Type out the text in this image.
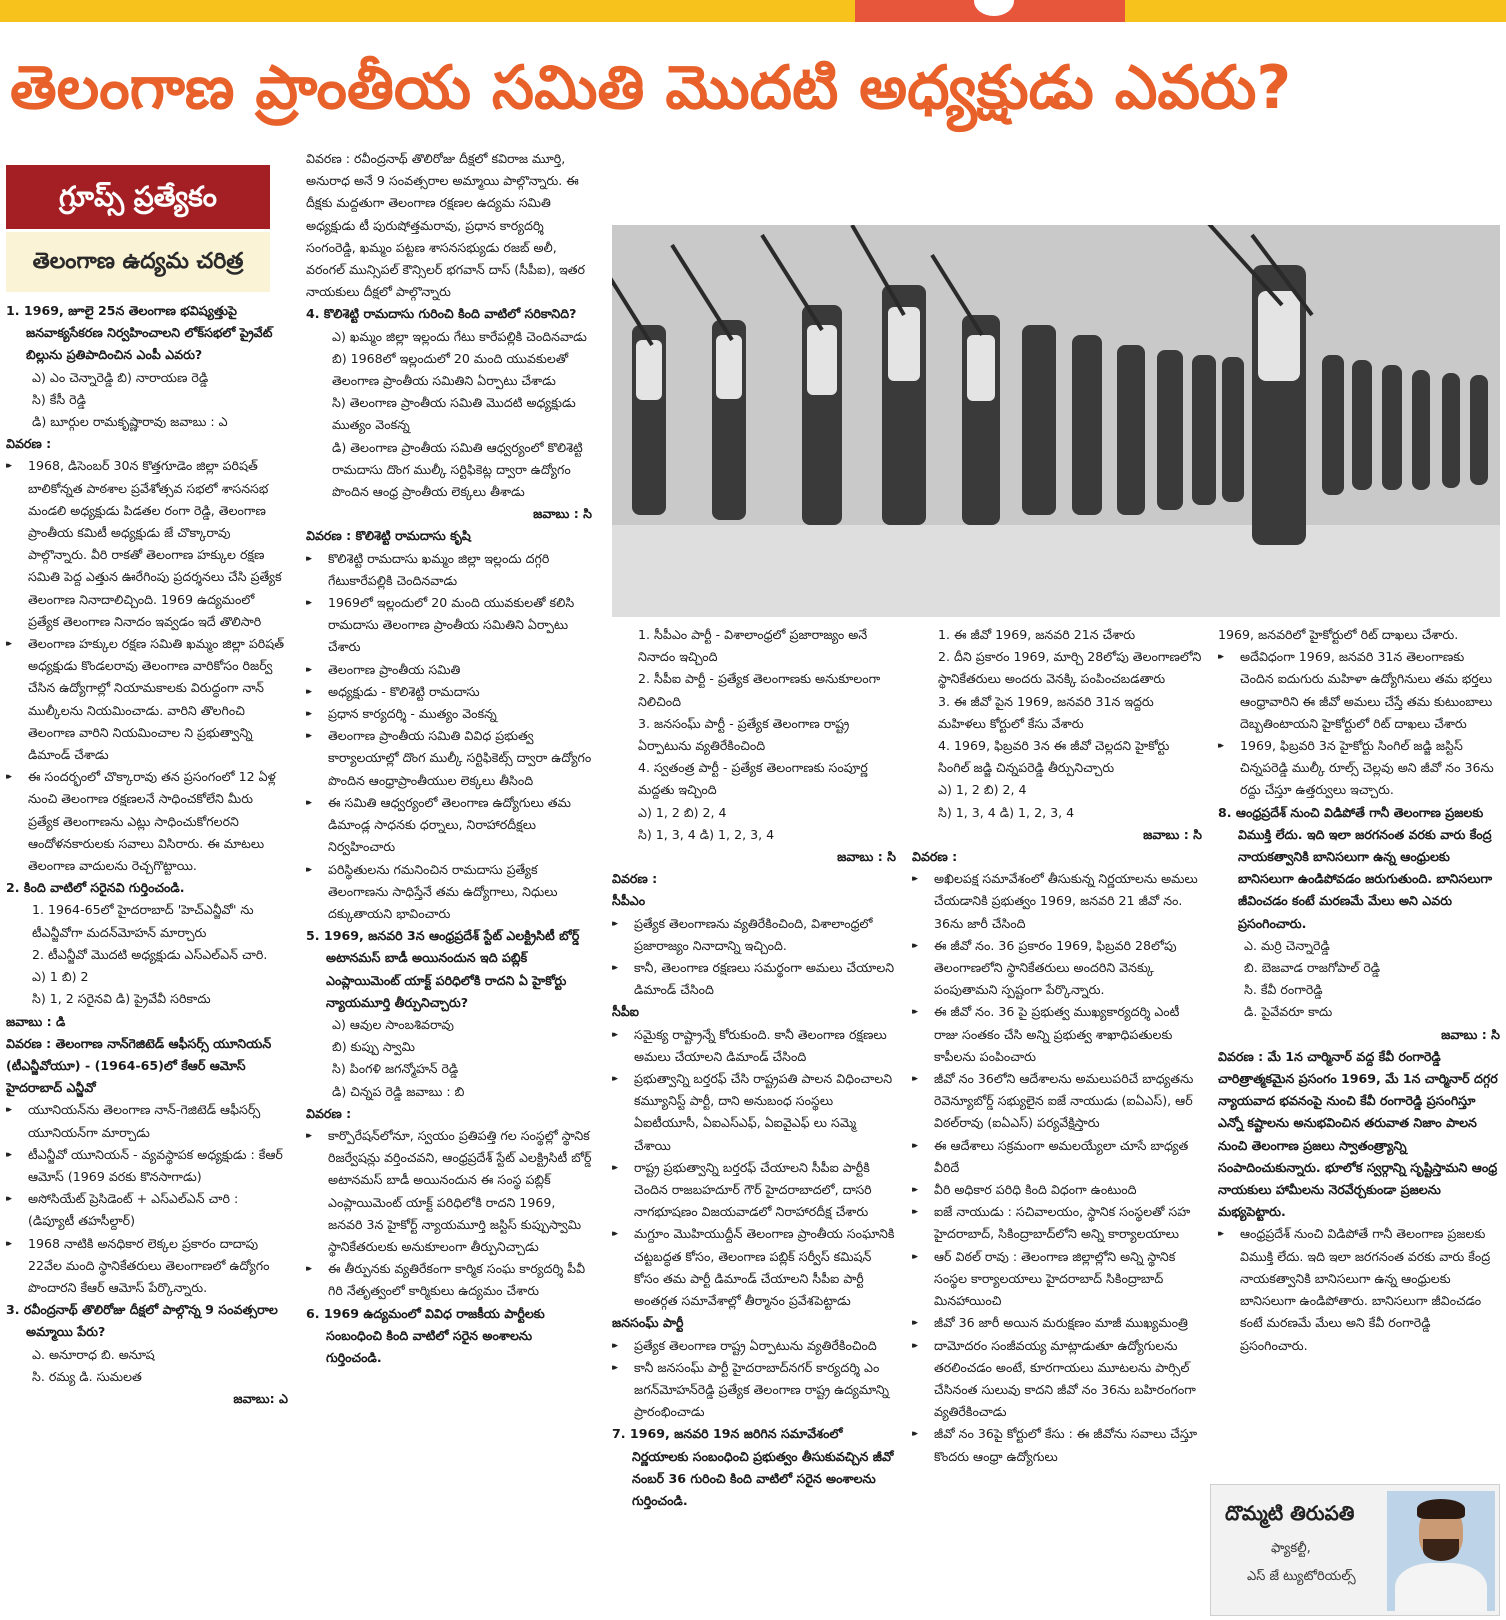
తెలంగాణ ప్రాంతీయ సమితి మొదటి అధ్యక్షుడు ఎవరు?
గ్రూప్స్ ప్రత్యేకం
తెలంగాణ ఉద్యమ చరిత్ర

1. 1969, జూలై 25న తెలంగాణ భవిష్యత్తుపై జనవాక్యసేకరణ నిర్వహించాలని లోక్‌సభలో ప్రైవేట్ బిల్లును ప్రతిపాదించిన ఎంపీ ఎవరు?

ఎ) ఎం చెన్నారెడ్డి బి) నారాయణ రెడ్డి

సి) కేసీ రెడ్డి

డి) బూర్గుల రామకృష్ణారావు జవాబు : ఎ

వివరణ :

▸▸ 1968, డిసెంబర్ 30న కొత్తగూడెం జిల్లా పరిషత్ బాలికోన్నత పాఠశాల ప్రవేశోత్సవ సభలో శాసనసభ మండలి అధ్యక్షుడు పిడతల రంగా రెడ్డి, తెలంగాణ ప్రాంతీయ కమిటీ అధ్యక్షుడు జే చొక్కారావు పాల్గొన్నారు. వీరి రాకతో తెలంగాణ హక్కుల రక్షణ సమితి పెద్ద ఎత్తున ఊరేగింపు ప్రదర్శనలు చేసి ప్రత్యేక తెలంగాణ నినాదాలిచ్చింది. 1969 ఉద్యమంలో ప్రత్యేక తెలంగాణ నినాదం ఇవ్వడం ఇదే తొలిసారి

▸▸ తెలంగాణ హక్కుల రక్షణ సమితి ఖమ్మం జిల్లా పరిషత్ అధ్యక్షుడు కొండలరావు తెలంగాణ వారికోసం రిజర్వ్ చేసిన ఉద్యోగాల్లో నియామకాలకు విరుద్ధంగా నాన్ ముల్కీలను నియమించాడు. వారిని తొలగించి తెలంగాణ వారిని నియమించాల ని ప్రభుత్వాన్ని డిమాండ్ చేశాడు

▸▸ ఈ సందర్భంలో చొక్కారావు తన ప్రసంగంలో 12 ఏళ్ల నుంచి తెలంగాణ రక్షణలనే సాధించకోలేని మీరు ప్రత్యేక తెలంగాణను ఎట్లు సాధించుకోగలరని ఆందోళనకారులకు సవాలు విసిరారు. ఈ మాటలు తెలంగాణ వాదులను రెచ్చగొట్టాయి.

2. కింది వాటిలో సరైనవి గుర్తించండి.

1. 1964-65లో హైదరాబాద్ 'హెచ్ఎన్జీవో' ను టీఎన్జీవోగా మదన్‌మోహన్ మార్చారు

2. టీఎన్జీవో మొదటి అధ్యక్షుడు ఎస్ఎల్ఎన్ చారి.

ఎ) 1 బి) 2

సి) 1, 2 సరైనవి డి) ప్రైవేవీ సరికాదు

జవాబు : డి

వివరణ : తెలంగాణ నాన్‌గెజిటెడ్ ఆఫీసర్స్ యూనియన్ (టీఎన్జీవోయూ) - (1964-65)లో కేఆర్ ఆమోస్ హైదరాబాద్ ఎన్జీవో

▸▸ యూనియన్‌ను తెలంగాణ నాన్-గెజిటెడ్ ఆఫీసర్స్ యూనియన్‌గా మార్చాడు

▸▸ టీఎన్జీవో యూనియన్ - వ్యవస్థాపక అధ్యక్షుడు : కేఆర్ ఆమోస్ (1969 వరకు కొనసాగాడు)

▸▸ అసోసియేట్ ప్రెసిడెంట్ + ఎస్ఎల్ఎన్ చారి : (డిప్యూటీ తహసీల్దార్)

▸▸ 1968 నాటికి అనధికార లెక్కల ప్రకారం దాదాపు 22వేల మంది స్థానికేతరులు తెలంగాణలో ఉద్యోగం పొందారని కేఆర్ ఆమోస్ పేర్కొన్నారు.

3. రవీంద్రనాథ్ తొలిరోజు దీక్షలో పాల్గొన్న 9 సంవత్సరాల అమ్మాయి పేరు?

ఎ. అనూరాధ బి. అనూష

సి. రమ్య డి. సుమలత

జవాబు: ఎ

వివరణ : రవీంద్రనాథ్ తొలిరోజు దీక్షలో కవిరాజ మూర్తి, అనురాధ అనే 9 సంవత్సరాల అమ్మాయి పాల్గొన్నారు. ఈ దీక్షకు మద్దతుగా తెలంగాణ రక్షణల ఉద్యమ సమితి అధ్యక్షుడు టీ పురుషోత్తమరావు, ప్రధాన కార్యదర్శి సంగంరెడ్డి, ఖమ్మం పట్టణ శాసనసభ్యుడు రజబ్ అలీ, వరంగల్ మున్సిపల్ కౌన్సిలర్ భగవాన్ దాస్ (సీపీఐ), ఇతర నాయకులు దీక్షలో పాల్గొన్నారు

4. కొలిశెట్టి రామదాసు గురించి కింది వాటిలో సరికానిది?

ఎ) ఖమ్మం జిల్లా ఇల్లందు గేటు కారేపల్లికి చెందినవాడు

బి) 1968లో ఇల్లందులో 20 మంది యువకులతో తెలంగాణ ప్రాంతీయ సమితిని ఏర్పాటు చేశాడు

సి) తెలంగాణ ప్రాంతీయ సమితి మొదటి అధ్యక్షుడు ముత్యం వెంకన్న

డి) తెలంగాణ ప్రాంతీయ సమితి ఆధ్వర్యంలో కొలిశెట్టి రామదాసు దొంగ ముల్కీ సర్టిఫికెట్ల ద్వారా ఉద్యోగం పొందిన ఆంధ్ర ప్రాంతీయ లెక్కలు తీశాడు

జవాబు : సి

వివరణ : కొలిశెట్టి రామదాసు కృషి

▸▸ కొలిశెట్టి రామదాసు ఖమ్మం జిల్లా ఇల్లందు దగ్గరి గేటుకారేపల్లికి చెందినవాడు

▸▸ 1969లో ఇల్లందులో 20 మంది యువకులతో కలిసి రామదాసు తెలంగాణ ప్రాంతీయ సమితిని ఏర్పాటు చేశారు

▸▸ తెలంగాణ ప్రాంతీయ సమితి

▸▸ అధ్యక్షుడు - కొలిశెట్టి రామదాసు

▸▸ ప్రధాన కార్యదర్శి - ముత్యం వెంకన్న

▸▸ తెలంగాణ ప్రాంతీయ సమితి వివిధ ప్రభుత్వ కార్యాలయాల్లో దొంగ ముల్కీ సర్టిఫికెట్స్ ద్వారా ఉద్యోగం పొందిన ఆంధ్రాప్రాంతీయుల లెక్కలు తీసింది

▸▸ ఈ సమితి ఆధ్వర్యంలో తెలంగాణ ఉద్యోగులు తమ డిమాండ్ల సాధనకు ధర్నాలు, నిరాహారదీక్షలు నిర్వహించారు

▸▸ పరిస్థితులను గమనించిన రామదాసు ప్రత్యేక తెలంగాణను సాధిస్తేనే తమ ఉద్యోగాలు, నిధులు దక్కుతాయని భావించారు

5. 1969, జనవరి 3న ఆంధ్రప్రదేశ్ స్టేట్ ఎలక్ట్రిసిటీ బోర్డ్ అటానమస్ బాడీ అయినందున ఇది పబ్లిక్ ఎంప్లాయిమెంట్ యాక్ట్ పరిధిలోకి రాదని ఏ హైకోర్టు న్యాయమూర్తి తీర్పునిచ్చారు?

ఎ) ఆవుల సాంబశివరావు

బి) కుప్పు స్వామి

సి) పింగళి జగన్మోహన్ రెడ్డి

డి) చిన్నప రెడ్డి జవాబు : బి

వివరణ :

▸▸ కార్పొరేషన్‌లోనూ, స్వయం ప్రతిపత్తి గల సంస్థల్లో స్థానిక రిజర్వేషన్లు వర్తించవని, ఆంధ్రప్రదేశ్ స్టేట్ ఎలక్ట్రిసిటీ బోర్డ్ అటానమస్ బాడీ అయినందున ఈ సంస్థ పబ్లిక్ ఎంప్లాయిమెంట్ యాక్ట్ పరిధిలోకి రాదని 1969, జనవరి 3న హైకోర్ట్ న్యాయమూర్తి జస్టిస్ కుప్పుస్వామి స్థానికేతరులకు అనుకూలంగా తీర్పునిచ్చాడు

▸▸ ఈ తీర్పునకు వ్యతిరేకంగా కార్మిక సంఘ కార్యదర్శి పీవీ గిరి నేతృత్వంలో కార్మికులు ఉద్యమం చేశారు

6. 1969 ఉద్యమంలో వివిధ రాజకీయ పార్టీలకు సంబంధించి కింది వాటిలో సరైన అంశాలను గుర్తించండి.

1. సీపీఎం పార్టీ - విశాలాంధ్రలో ప్రజారాజ్యం అనే నినాదం ఇచ్చింది

2. సీపీఐ పార్టీ - ప్రత్యేక తెలంగాణకు అనుకూలంగా నిలిచింది

3. జనసంఘ్ పార్టీ - ప్రత్యేక తెలంగాణ రాష్ట్ర ఏర్పాటును వ్యతిరేకించింది

4. స్వతంత్ర పార్టీ - ప్రత్యేక తెలంగాణకు సంపూర్ణ మద్దతు ఇచ్చింది

ఎ) 1, 2 బి) 2, 4

సి) 1, 3, 4 డి) 1, 2, 3, 4

జవాబు : సి

వివరణ :

సీపీఎం

▸▸ ప్రత్యేక తెలంగాణను వ్యతిరేకించింది, విశాలాంధ్రలో ప్రజారాజ్యం నినాదాన్ని ఇచ్చింది.

▸▸ కానీ, తెలంగాణ రక్షణలు సమర్థంగా అమలు చేయాలని డిమాండ్ చేసింది

సీపీఐ

▸▸ సమైక్య రాష్ట్రాన్నే కోరుకుంది. కానీ తెలంగాణ రక్షణలు అమలు చేయాలని డిమాండ్ చేసింది

▸▸ ప్రభుత్వాన్ని బర్తరఫ్ చేసి రాష్ట్రపతి పాలన విధించాలని కమ్యూనిస్ట్ పార్టీ, దాని అనుబంధ సంస్థలు ఏఐటీయూసీ, ఏఐఎస్ఎఫ్, ఏఐవైఎఫ్ లు సమ్మె చేశాయి

▸▸ రాష్ట్ర ప్రభుత్వాన్ని బర్తరఫ్ చేయాలని సీపీఐ పార్టీకి చెందిన రాజబహదూర్ గౌర్ హైదరాబాదలో, దాసరి నాగభూషణం విజయవాడలో నిరాహారదీక్ష చేశారు

▸▸ మగ్దూం మొహియుద్దీన్ తెలంగాణ ప్రాంతీయ సంఘానికి చట్టబద్ధత కోసం, తెలంగాణ పబ్లిక్ సర్వీస్ కమిషన్ కోసం తమ పార్టీ డిమాండ్ చేయాలని సీపీఐ పార్టీ అంతర్గత సమావేశాల్లో తీర్మానం ప్రవేశపెట్టాడు

జనసంఘ్ పార్టీ

▸▸ ప్రత్యేక తెలంగాణ రాష్ట్ర ఏర్పాటును వ్యతిరేకించింది

▸▸ కానీ జనసంఘ్ పార్టీ హైదరాబాద్‌నగర్ కార్యదర్శి ఎం జగన్‌మోహన్‌రెడ్డి ప్రత్యేక తెలంగాణ రాష్ట్ర ఉద్యమాన్ని ప్రారంభించాడు

7. 1969, జనవరి 19న జరిగిన సమావేశంలో నిర్ణయాలకు సంబంధించి ప్రభుత్వం తీసుకువచ్చిన జీవో నంబర్ 36 గురించి కింది వాటిలో సరైన అంశాలను గుర్తించండి.

1. ఈ జీవో 1969, జనవరి 21న చేశారు

2. దీని ప్రకారం 1969, మార్చి 28లోపు తెలంగాణలోని స్థానికేతరులు అందరు వెనక్కి పంపించబడతారు

3. ఈ జీవో పైన 1969, జనవరి 31న ఇద్దరు మహిళలు కోర్టులో కేసు వేశారు

4. 1969, ఫిబ్రవరి 3న ఈ జీవో చెల్లదని హైకోర్టు సింగిల్ జడ్జి చిన్నపరెడ్డి తీర్పునిచ్చారు

ఎ) 1, 2 బి) 2, 4

సి) 1, 3, 4 డి) 1, 2, 3, 4

జవాబు : సి

వివరణ :

▸▸ అఖిలపక్ష సమావేశంలో తీసుకున్న నిర్ణయాలను అమలు చేయడానికి ప్రభుత్వం 1969, జనవరి 21 జీవో నం. 36ను జారీ చేసింది

▸▸ ఈ జీవో నం. 36 ప్రకారం 1969, ఫిబ్రవరి 28లోపు తెలంగాణలోని స్థానికేతరులు అందరిని వెనక్కు పంపుతామని స్పష్టంగా పేర్కొన్నారు.

▸▸ ఈ జీవో నం. 36 పై ప్రభుత్వ ముఖ్యకార్యదర్శి ఎంటీ రాజు సంతకం చేసి అన్ని ప్రభుత్వ శాఖాధిపతులకు కాపీలను పంపించారు

▸▸ జీవో నం 36లోని ఆదేశాలను అమలుపరిచే బాధ్యతను రెవెన్యూబోర్డ్ సభ్యులైన ఐజే నాయుడు (ఐఏఎస్), ఆర్ విఠల్‌రావు (ఐఏఎస్) పర్యవేక్షిస్తారు

▸▸ ఈ ఆదేశాలు సక్రమంగా అమలయ్యేలా చూసే బాధ్యత వీరిదే

▸▸ వీరి అధికార పరిధి కింది విధంగా ఉంటుంది

▸▸ ఐజే నాయుడు : సచివాలయం, స్థానిక సంస్థలతో సహ హైదరాబాద్, సికింద్రాబాద్‌లోని అన్ని కార్యాలయాలు

▸▸ ఆర్ విఠల్ రావు : తెలంగాణ జిల్లాల్లోని అన్ని స్థానిక సంస్థల కార్యాలయాలు హైదరాబాద్ సికింద్రాబాద్ మినహాయించి

▸▸ జీవో 36 జారీ అయిన మరుక్షణం మాజీ ముఖ్యమంత్రి

▸▸ దామోదరం సంజీవయ్య మాట్లాడుతూ ఉద్యోగులను తరలించడం అంటే, కూరగాయలు మూటలను పార్సిల్ చేసినంత సులువు కాదని జీవో నం 36ను బహిరంగంగా వ్యతిరేకించాడు

▸▸ జీవో నం 36పై కోర్టులో కేసు : ఈ జీవోను సవాలు చేస్తూ కొందరు ఆంధ్రా ఉద్యోగులు

1969, జనవరిలో హైకోర్టులో రిట్ దాఖలు చేశారు.

▸▸ అదేవిధంగా 1969, జనవరి 31న తెలంగాణకు చెందిన ఐదుగురు మహిళా ఉద్యోగినులు తమ భర్తలు ఆంధ్రావారిని ఈ జీవో అమలు చేస్తే తమ కుటుంబాలు దెబ్బతింటాయని హైకోర్టులో రిట్ దాఖలు చేశారు

▸▸ 1969, ఫిబ్రవరి 3న హైకోర్టు సింగిల్ జడ్జి జస్టిస్ చిన్నపరెడ్డి ముల్కీ రూల్స్ చెల్లవు అని జీవో నం 36ను రద్దు చేస్తూ ఉత్తర్వులు ఇచ్చారు.

8. ఆంధ్రప్రదేశ్ నుంచి విడిపోతే గానీ తెలంగాణ ప్రజలకు విముక్తి లేదు. ఇది ఇలా జరగనంత వరకు వారు కేంద్ర నాయకత్వానికి బానిసలుగా ఉన్న ఆంధ్రులకు బానిసలుగా ఉండిపోవడం జరుగుతుంది. బానిసలుగా జీవించడం కంటే మరణమే మేలు అని ఎవరు ప్రసంగించారు.

ఎ. మర్రి చెన్నారెడ్డి

బి. బెజవాడ రాజగోపాల్ రెడ్డి

సి. కేవీ రంగారెడ్డి

డి. పైవేవరూ కాదు

జవాబు : సి

వివరణ : మే 1న చార్మినార్ వద్ద కేవీ రంగారెడ్డి చారిత్రాత్మకమైన ప్రసంగం 1969, మే 1న చార్మినార్ దగ్గర న్యాయవాద భవనంపై నుంచి కేవీ రంగారెడ్డి ప్రసంగిస్తూ ఎన్నో కష్టాలను అనుభవించిన తరువాత నిజాం పాలన నుంచి తెలంగాణ ప్రజలు స్వాతంత్ర్యాన్ని సంపాదించుకున్నారు. భూలోక స్వర్గాన్ని సృష్టిస్తామని ఆంధ్ర నాయకులు హామీలను నెరవేర్చకుండా ప్రజలను మభ్యపెట్టారు.

▸▸ ఆంధ్రప్రదేశ్ నుంచి విడిపోతే గానీ తెలంగాణ ప్రజలకు విముక్తి లేదు. ఇది ఇలా జరగనంత వరకు వారు కేంద్ర నాయకత్వానికి బానిసలుగా ఉన్న ఆంధ్రులకు బానిసలుగా ఉండిపోతారు. బానిసలుగా జీవించడం కంటే మరణమే మేలు అని కేవీ రంగారెడ్డి ప్రసంగించారు.

దొమ్మటి తిరుపతి
ఫ్యాకల్టీ,
ఎస్ జే ట్యుటోరియల్స్
